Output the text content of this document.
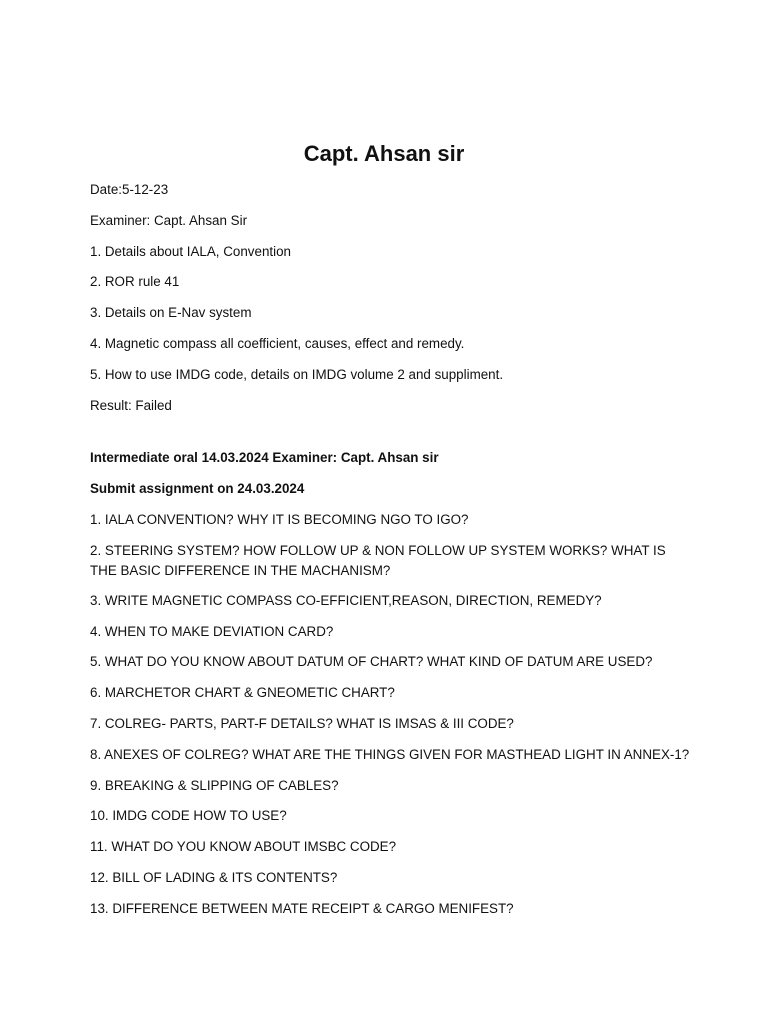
Capt. Ahsan sir

Date:5-12-23

Examiner: Capt. Ahsan Sir

1. Details about IALA, Convention

2. ROR rule 41

3. Details on E-Nav system

4. Magnetic compass all coefficient, causes, effect and remedy.

5. How to use IMDG code, details on IMDG volume 2 and suppliment.

Result: Failed

Intermediate oral 14.03.2024 Examiner: Capt. Ahsan sir

Submit assignment on 24.03.2024

1. IALA CONVENTION? WHY IT IS BECOMING NGO TO IGO?

2. STEERING SYSTEM? HOW FOLLOW UP & NON FOLLOW UP SYSTEM WORKS? WHAT IS THE BASIC DIFFERENCE IN THE MACHANISM?

3. WRITE MAGNETIC COMPASS CO-EFFICIENT,REASON, DIRECTION, REMEDY?

4. WHEN TO MAKE DEVIATION CARD?

5. WHAT DO YOU KNOW ABOUT DATUM OF CHART? WHAT KIND OF DATUM ARE USED?

6. MARCHETOR CHART & GNEOMETIC CHART?

7. COLREG- PARTS, PART-F DETAILS? WHAT IS IMSAS & III CODE?

8. ANEXES OF COLREG? WHAT ARE THE THINGS GIVEN FOR MASTHEAD LIGHT IN ANNEX-1?

9. BREAKING & SLIPPING OF CABLES?

10. IMDG CODE HOW TO USE?

11. WHAT DO YOU KNOW ABOUT IMSBC CODE?

12. BILL OF LADING & ITS CONTENTS?

13. DIFFERENCE BETWEEN MATE RECEIPT & CARGO MENIFEST?
